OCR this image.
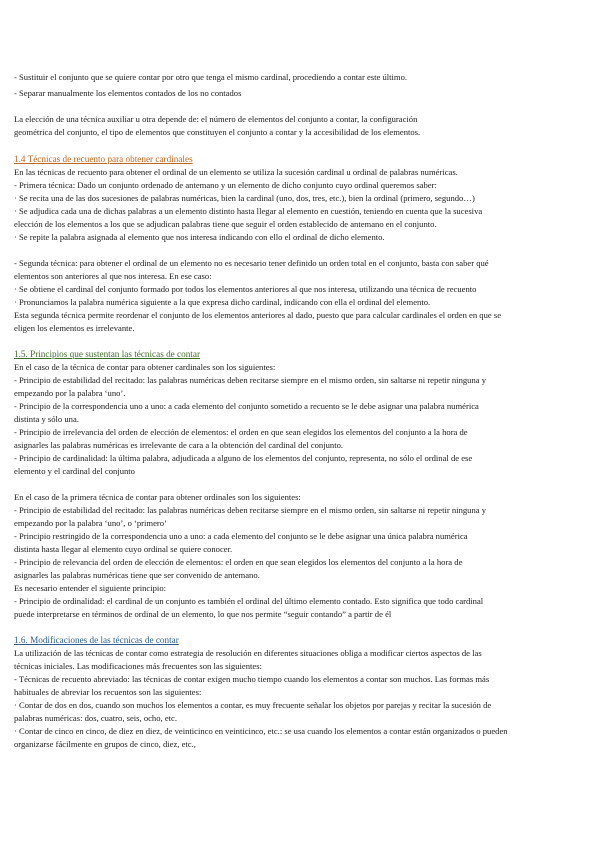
- Sustituir el conjunto que se quiere contar por otro que tenga el mismo cardinal, procediendo a contar este último.
- Separar manualmente los elementos contados de los no contados
La elección de una técnica auxiliar u otra depende de: el número de elementos del conjunto a contar, la configuración
geométrica del conjunto, el tipo de elementos que constituyen el conjunto a contar y la accesibilidad de los elementos.
1.4 Técnicas de recuento para obtener cardinales
En las técnicas de recuento para obtener el ordinal de un elemento se utiliza la sucesión cardinal u ordinal de palabras numéricas.
- Primera técnica: Dado un conjunto ordenado de antemano y un elemento de dicho conjunto cuyo ordinal queremos saber:
· Se recita una de las dos sucesiones de palabras numéricas, bien la cardinal (uno, dos, tres, etc.), bien la ordinal (primero, segundo…)
· Se adjudica cada una de dichas palabras a un elemento distinto hasta llegar al elemento en cuestión, teniendo en cuenta que la sucesiva
elección de los elementos a los que se adjudican palabras tiene que seguir el orden establecido de antemano en el conjunto.
· Se repite la palabra asignada al elemento que nos interesa indicando con ello el ordinal de dicho elemento.
- Segunda técnica: para obtener el ordinal de un elemento no es necesario tener definido un orden total en el conjunto, basta con saber qué
elementos son anteriores al que nos interesa. En ese caso:
· Se obtiene el cardinal del conjunto formado por todos los elementos anteriores al que nos interesa, utilizando una técnica de recuento
· Pronunciamos la palabra numérica siguiente a la que expresa dicho cardinal, indicando con ella el ordinal del elemento.
Esta segunda técnica permite reordenar el conjunto de los elementos anteriores al dado, puesto que para calcular cardinales el orden en que se
eligen los elementos es irrelevante.
1.5. Principios que sustentan las técnicas de contar
En el caso de la técnica de contar para obtener cardinales son los siguientes:
- Principio de estabilidad del recitado: las palabras numéricas deben recitarse siempre en el mismo orden, sin saltarse ni repetir ninguna y
empezando por la palabra ‘uno’.
- Principio de la correspondencia uno a uno: a cada elemento del conjunto sometido a recuento se le debe asignar una palabra numérica
distinta y sólo una.
- Principio de irrelevancia del orden de elección de elementos: el orden en que sean elegidos los elementos del conjunto a la hora de
asignarles las palabras numéricas es irrelevante de cara a la obtención del cardinal del conjunto.
- Principio de cardinalidad: la última palabra, adjudicada a alguno de los elementos del conjunto, representa, no sólo el ordinal de ese
elemento y el cardinal del conjunto
En el caso de la primera técnica de contar para obtener ordinales son los siguientes:
- Principio de estabilidad del recitado: las palabras numéricas deben recitarse siempre en el mismo orden, sin saltarse ni repetir ninguna y
empezando por la palabra ‘uno’, o ‘primero’
- Principio restringido de la correspondencia uno a uno: a cada elemento del conjunto se le debe asignar una única palabra numérica
distinta hasta llegar al elemento cuyo ordinal se quiere conocer.
- Principio de relevancia del orden de elección de elementos: el orden en que sean elegidos los elementos del conjunto a la hora de
asignarles las palabras numéricas tiene que ser convenido de antemano.
Es necesario entender el siguiente principio:
- Principio de ordinalidad: el cardinal de un conjunto es también el ordinal del último elemento contado. Esto significa que todo cardinal
puede interpretarse en términos de ordinal de un elemento, lo que nos permite “seguir contando” a partir de él
1.6. Modificaciones de las técnicas de contar
La utilización de las técnicas de contar como estrategia de resolución en diferentes situaciones obliga a modificar ciertos aspectos de las
técnicas iniciales. Las modificaciones más frecuentes son las siguientes:
- Técnicas de recuento abreviado: las técnicas de contar exigen mucho tiempo cuando los elementos a contar son muchos. Las formas más
habituales de abreviar los recuentos son las siguientes:
· Contar de dos en dos, cuando son muchos los elementos a contar, es muy frecuente señalar los objetos por parejas y recitar la sucesión de
palabras numéricas: dos, cuatro, seis, ocho, etc.
· Contar de cinco en cinco, de diez en diez, de veinticinco en veinticinco, etc.: se usa cuando los elementos a contar están organizados o pueden
organizarse fácilmente en grupos de cinco, diez, etc.,
